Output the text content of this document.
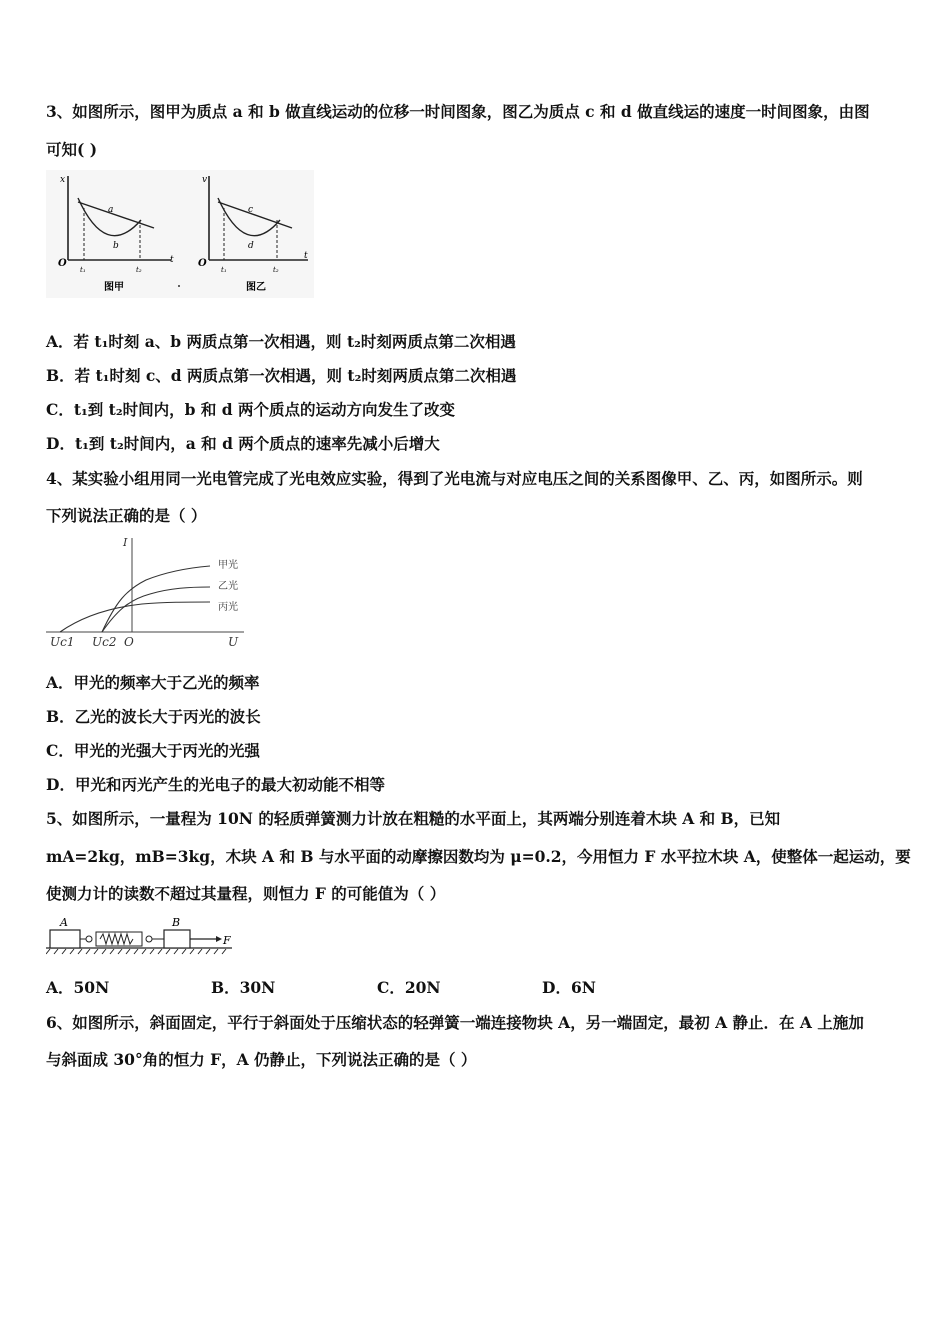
3、如图所示，图甲为质点 a 和 b 做直线运动的位移一时间图象，图乙为质点 c 和 d 做直线运的速度一时间图象，由图
可知( )
x
t
O
a
b
t₁	t₂
图甲
v
t
O
c
d
t₁	t₂
图乙
A．若 t₁时刻 a、b 两质点第一次相遇，则 t₂时刻两质点第二次相遇
B．若 t₁时刻 c、d 两质点第一次相遇，则 t₂时刻两质点第二次相遇
C．t₁到 t₂时间内，b 和 d 两个质点的运动方向发生了改变
D．t₁到 t₂时间内，a 和 d 两个质点的速率先减小后增大
4、某实验小组用同一光电管完成了光电效应实验，得到了光电流与对应电压之间的关系图像甲、乙、丙，如图所示。则
下列说法正确的是（ ）
I
U
O
Uc1 Uc2
甲光
乙光
丙光
A．甲光的频率大于乙光的频率
B．乙光的波长大于丙光的波长
C．甲光的光强大于丙光的光强
D．甲光和丙光产生的光电子的最大初动能不相等
5、如图所示，一量程为 10N 的轻质弹簧测力计放在粗糙的水平面上，其两端分别连着木块 A 和 B，已知
mA=2kg，mB=3kg，木块 A 和 B 与水平面的动摩擦因数均为 μ=0.2，今用恒力 F 水平拉木块 A，使整体一起运动，要
使测力计的读数不超过其量程，则恒力 F 的可能值为（ ）
A	B
F
A．50N	B．30N	C．20N	D．6N
6、如图所示，斜面固定，平行于斜面处于压缩状态的轻弹簧一端连接物块 A，另一端固定，最初 A 静止．在 A 上施加
与斜面成 30°角的恒力 F，A 仍静止，下列说法正确的是（ ）
